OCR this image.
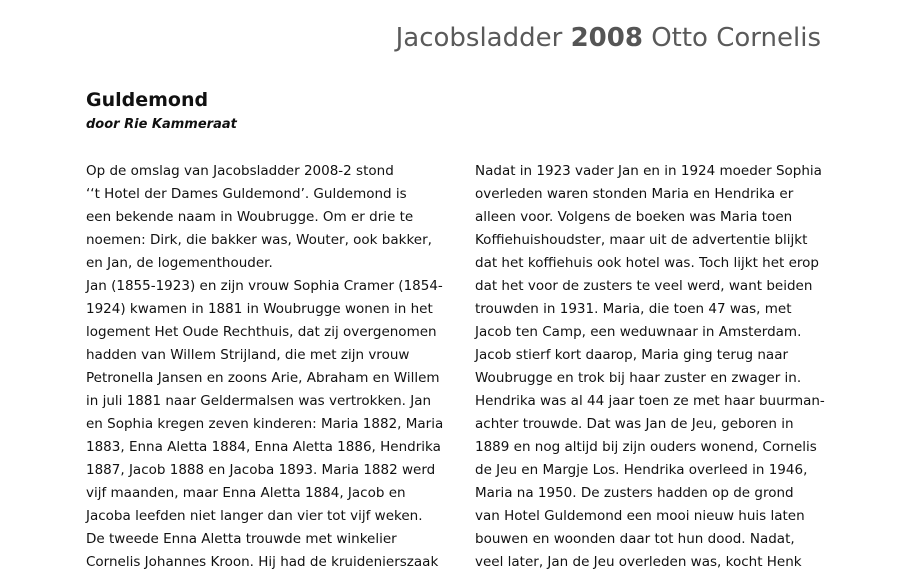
Jacobsladder 2008 Otto Cornelis
Guldemond
door Rie Kammeraat
Op de omslag van Jacobsladder 2008-2 stond
‘‘t Hotel der Dames Guldemond’. Guldemond is
een bekende naam in Woubrugge. Om er drie te
noemen: Dirk, die bakker was, Wouter, ook bakker,
en Jan, de logementhouder.
Jan (1855-1923) en zijn vrouw Sophia Cramer (1854-
1924) kwamen in 1881 in Woubrugge wonen in het
logement Het Oude Rechthuis, dat zij overgenomen
hadden van Willem Strijland, die met zijn vrouw
Petronella Jansen en zoons Arie, Abraham en Willem
in juli 1881 naar Geldermalsen was vertrokken. Jan
en Sophia kregen zeven kinderen: Maria 1882, Maria
1883, Enna Aletta 1884, Enna Aletta 1886, Hendrika
1887, Jacob 1888 en Jacoba 1893. Maria 1882 werd
vijf maanden, maar Enna Aletta 1884, Jacob en
Jacoba leefden niet langer dan vier tot vijf weken.
De tweede Enna Aletta trouwde met winkelier
Cornelis Johannes Kroon. Hij had de kruidenierszaak
Nadat in 1923 vader Jan en in 1924 moeder Sophia
overleden waren stonden Maria en Hendrika er
alleen voor. Volgens de boeken was Maria toen
Koffiehuishoudster, maar uit de advertentie blijkt
dat het koffiehuis ook hotel was. Toch lijkt het erop
dat het voor de zusters te veel werd, want beiden
trouwden in 1931. Maria, die toen 47 was, met
Jacob ten Camp, een weduwnaar in Amsterdam.
Jacob stierf kort daarop, Maria ging terug naar
Woubrugge en trok bij haar zuster en zwager in.
Hendrika was al 44 jaar toen ze met haar buurman-
achter trouwde. Dat was Jan de Jeu, geboren in
1889 en nog altijd bij zijn ouders wonend, Cornelis
de Jeu en Margje Los. Hendrika overleed in 1946,
Maria na 1950. De zusters hadden op de grond
van Hotel Guldemond een mooi nieuw huis laten
bouwen en woonden daar tot hun dood. Nadat,
veel later, Jan de Jeu overleden was, kocht Henk
